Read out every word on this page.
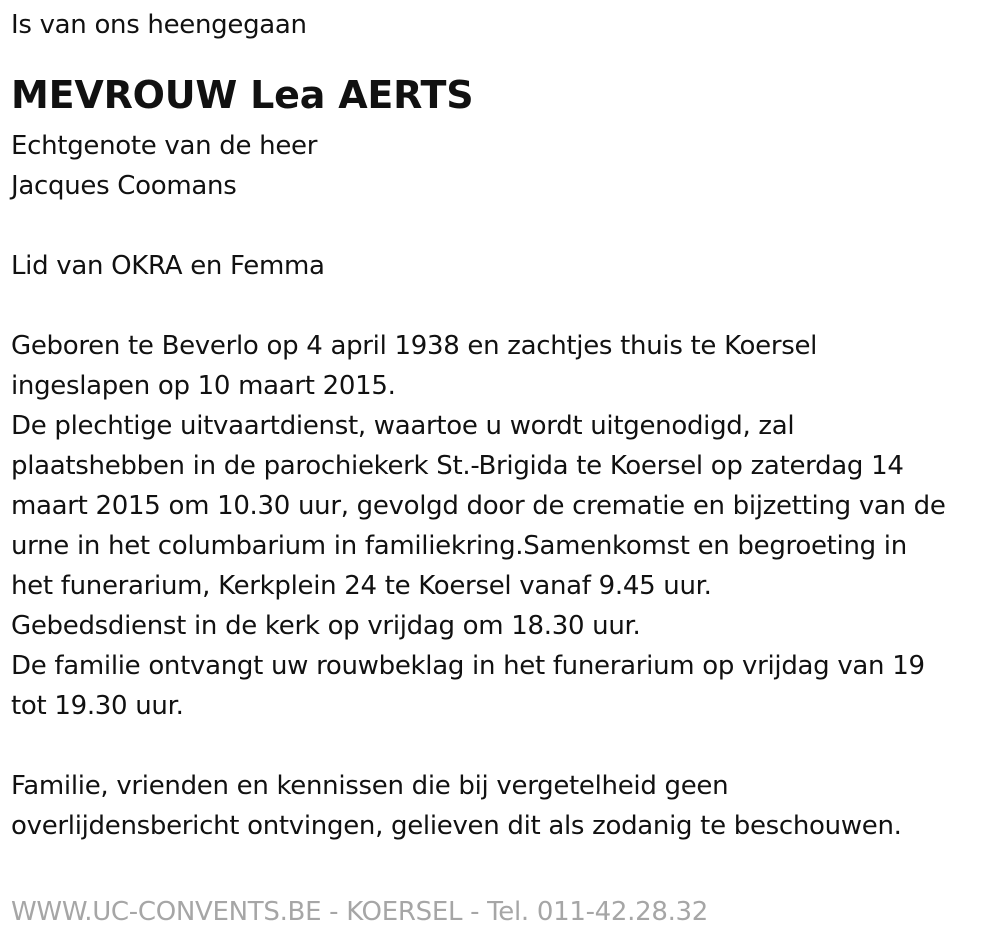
Is van ons heengegaan
MEVROUW Lea AERTS
Echtgenote van de heer
Jacques Coomans
Lid van OKRA en Femma
Geboren te Beverlo op 4 april 1938 en zachtjes thuis te Koersel
ingeslapen op 10 maart 2015.
De plechtige uitvaartdienst, waartoe u wordt uitgenodigd, zal
plaatshebben in de parochiekerk St.-Brigida te Koersel op zaterdag 14
maart 2015 om 10.30 uur, gevolgd door de crematie en bijzetting van de
urne in het columbarium in familiekring.Samenkomst en begroeting in
het funerarium, Kerkplein 24 te Koersel vanaf 9.45 uur.
Gebedsdienst in de kerk op vrijdag om 18.30 uur.
De familie ontvangt uw rouwbeklag in het funerarium op vrijdag van 19
tot 19.30 uur.
Familie, vrienden en kennissen die bij vergetelheid geen
overlijdensbericht ontvingen, gelieven dit als zodanig te beschouwen.
WWW.UC-CONVENTS.BE - KOERSEL - Tel. 011-42.28.32
